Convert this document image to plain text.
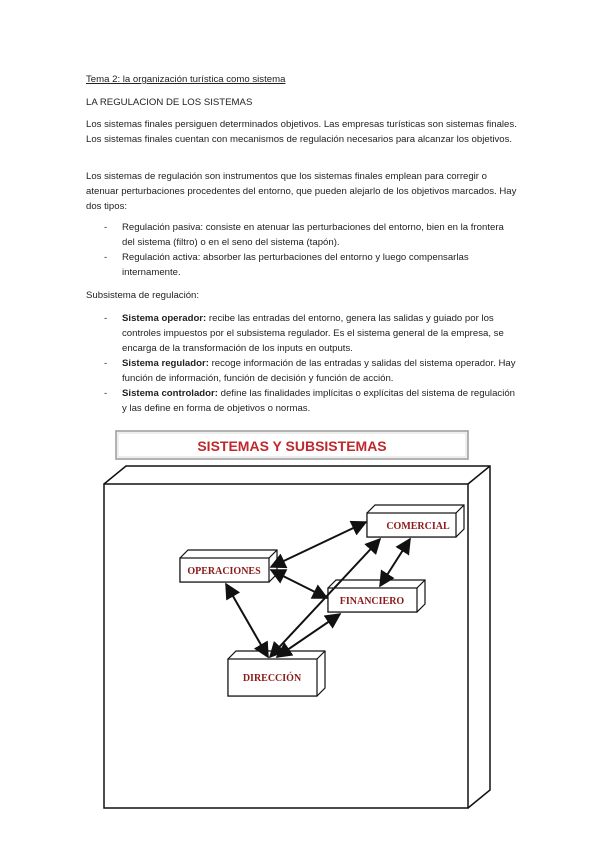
Tema 2: la organización turística como sistema
LA REGULACION DE LOS SISTEMAS

Los sistemas finales persiguen determinados objetivos. Las empresas turísticas son sistemas finales. Los sistemas finales cuentan con mecanismos de regulación necesarios para alcanzar los objetivos.

Los sistemas de regulación son instrumentos que los sistemas finales emplean para corregir o atenuar perturbaciones procedentes del entorno, que pueden alejarlo de los objetivos marcados. Hay dos tipos:

- Regulación pasiva: consiste en atenuar las perturbaciones del entorno, bien en la frontera del sistema (filtro) o en el seno del sistema (tapón).
- Regulación activa: absorber las perturbaciones del entorno y luego compensarlas internamente.
Subsistema de regulación:
- Sistema operador: recibe las entradas del entorno, genera las salidas y guiado por los controles impuestos por el subsistema regulador. Es el sistema general de la empresa, se encarga de la transformación de los inputs en outputs.
- Sistema regulador: recoge información de las entradas y salidas del sistema operador. Hay función de información, función de decisión y función de acción.
- Sistema controlador: define las finalidades implícitas o explícitas del sistema de regulación y las define en forma de objetivos o normas.
SISTEMAS Y SUBSISTEMAS
COMERCIAL
OPERACIONES
FINANCIERO
DIRECCIÓN
